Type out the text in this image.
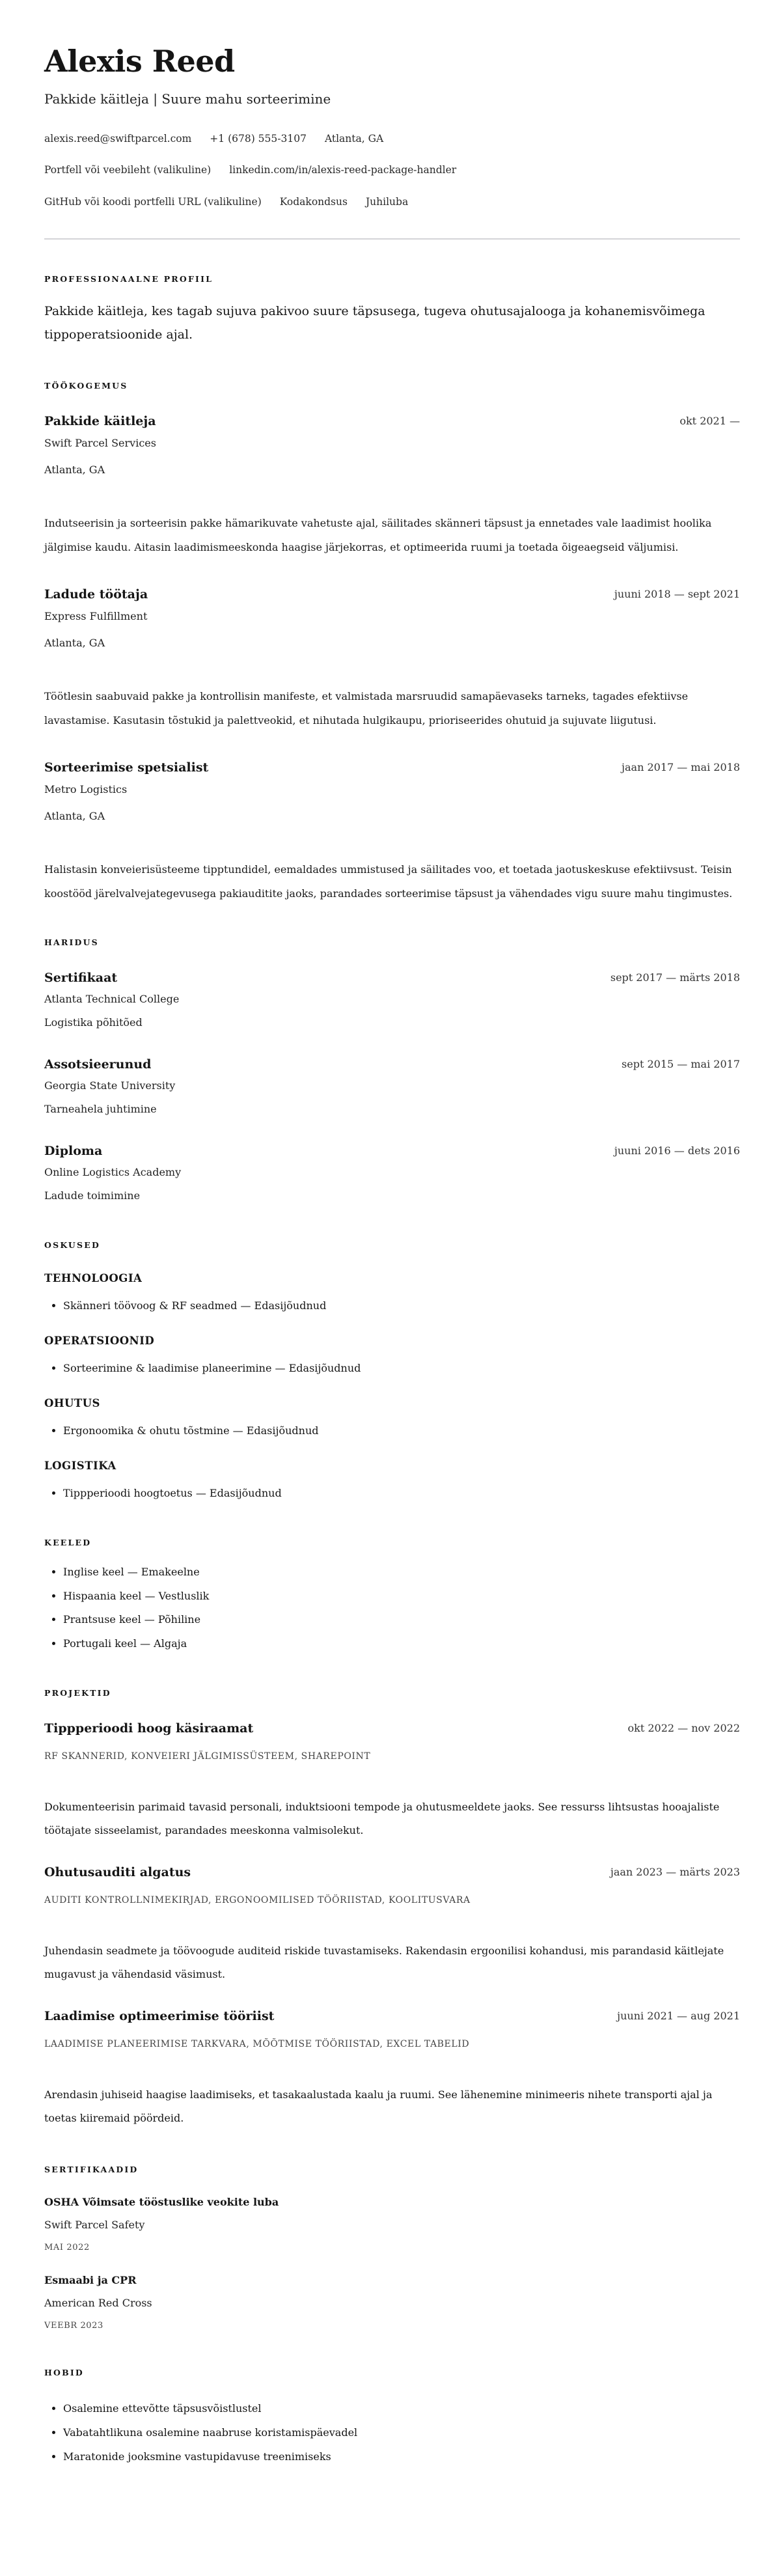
Alexis Reed
Pakkide käitleja | Suure mahu sorteerimine
alexis.reed@swiftparcel.com +1 (678) 555-3107 Atlanta, GA
Portfell või veebileht (valikuline) linkedin.com/in/alexis-reed-package-handler
GitHub või koodi portfelli URL (valikuline) Kodakondsus Juhiluba
PROFESSIONAALNE PROFIIL
Pakkide käitleja, kes tagab sujuva pakivoo suure täpsusega, tugeva ohutusajalooga ja kohanemisvõimega tippoperatsioonide ajal.
TÖÖKOGEMUS
Pakkide käitleja	okt 2021 —
Swift Parcel Services
Atlanta, GA
Indutseerisin ja sorteerisin pakke hämarikuvate vahetuste ajal, säilitades skänneri täpsust ja ennetades vale laadimist hoolika jälgimise kaudu. Aitasin laadimismeeskonda haagise järjekorras, et optimeerida ruumi ja toetada õigeaegseid väljumisi.
Ladude töötaja	juuni 2018 — sept 2021
Express Fulfillment
Atlanta, GA
Töötlesin saabuvaid pakke ja kontrollisin manifeste, et valmistada marsruudid samapäevaseks tarneks, tagades efektiivse lavastamise. Kasutasin tõstukid ja palettveokid, et nihutada hulgikaupu, prioriseerides ohutuid ja sujuvate liigutusi.
Sorteerimise spetsialist	jaan 2017 — mai 2018
Metro Logistics
Atlanta, GA
Halistasin konveierisüsteeme tipptundidel, eemaldades ummistused ja säilitades voo, et toetada jaotuskeskuse efektiivsust. Teisin koostööd järelvalvejategevusega pakiauditite jaoks, parandades sorteerimise täpsust ja vähendades vigu suure mahu tingimustes.
HARIDUS
Sertifikaat	sept 2017 — märts 2018
Atlanta Technical College
Logistika põhitõed
Assotsieerunud	sept 2015 — mai 2017
Georgia State University
Tarneahela juhtimine
Diploma	juuni 2016 — dets 2016
Online Logistics Academy
Ladude toimimine
OSKUSED
TEHNOLOOGIA
• Skänneri töövoog & RF seadmed — Edasijõudnud
OPERATSIOONID
• Sorteerimine & laadimise planeerimine — Edasijõudnud
OHUTUS
• Ergonoomika & ohutu tõstmine — Edasijõudnud
LOGISTIKA
• Tippperioodi hoogtoetus — Edasijõudnud
KEELED
• Inglise keel — Emakeelne
• Hispaania keel — Vestluslik
• Prantsuse keel — Põhiline
• Portugali keel — Algaja
PROJEKTID
Tippperioodi hoog käsiraamat	okt 2022 — nov 2022
RF SKANNERID, KONVEIERI JÄLGIMISSÜSTEEM, SHAREPOINT
Dokumenteerisin parimaid tavasid personali, induktsiooni tempode ja ohutusmeeldete jaoks. See ressurss lihtsustas hooajaliste töötajate sisseelamist, parandades meeskonna valmisolekut.
Ohutusauditi algatus	jaan 2023 — märts 2023
AUDITI KONTROLLNIMEKIRJAD, ERGONOOMILISED TÖÖRIISTAD, KOOLITUSVARA
Juhendasin seadmete ja töövoogude auditeid riskide tuvastamiseks. Rakendasin ergoonilisi kohandusi, mis parandasid käitlejate mugavust ja vähendasid väsimust.
Laadimise optimeerimise tööriist	juuni 2021 — aug 2021
LAADIMISE PLANEERIMISE TARKVARA, MÕÕTMISE TÖÖRIISTAD, EXCEL TABELID
Arendasin juhiseid haagise laadimiseks, et tasakaalustada kaalu ja ruumi. See lähenemine minimeeris nihete transporti ajal ja toetas kiiremaid pöördeid.
SERTIFIKAADID
OSHA Võimsate tööstuslike veokite luba
Swift Parcel Safety
MAI 2022
Esmaabi ja CPR
American Red Cross
VEEBR 2023
HOBID
• Osalemine ettevõtte täpsusvõistlustel
• Vabatahtlikuna osalemine naabruse koristamispäevadel
• Maratonide jooksmine vastupidavuse treenimiseks
